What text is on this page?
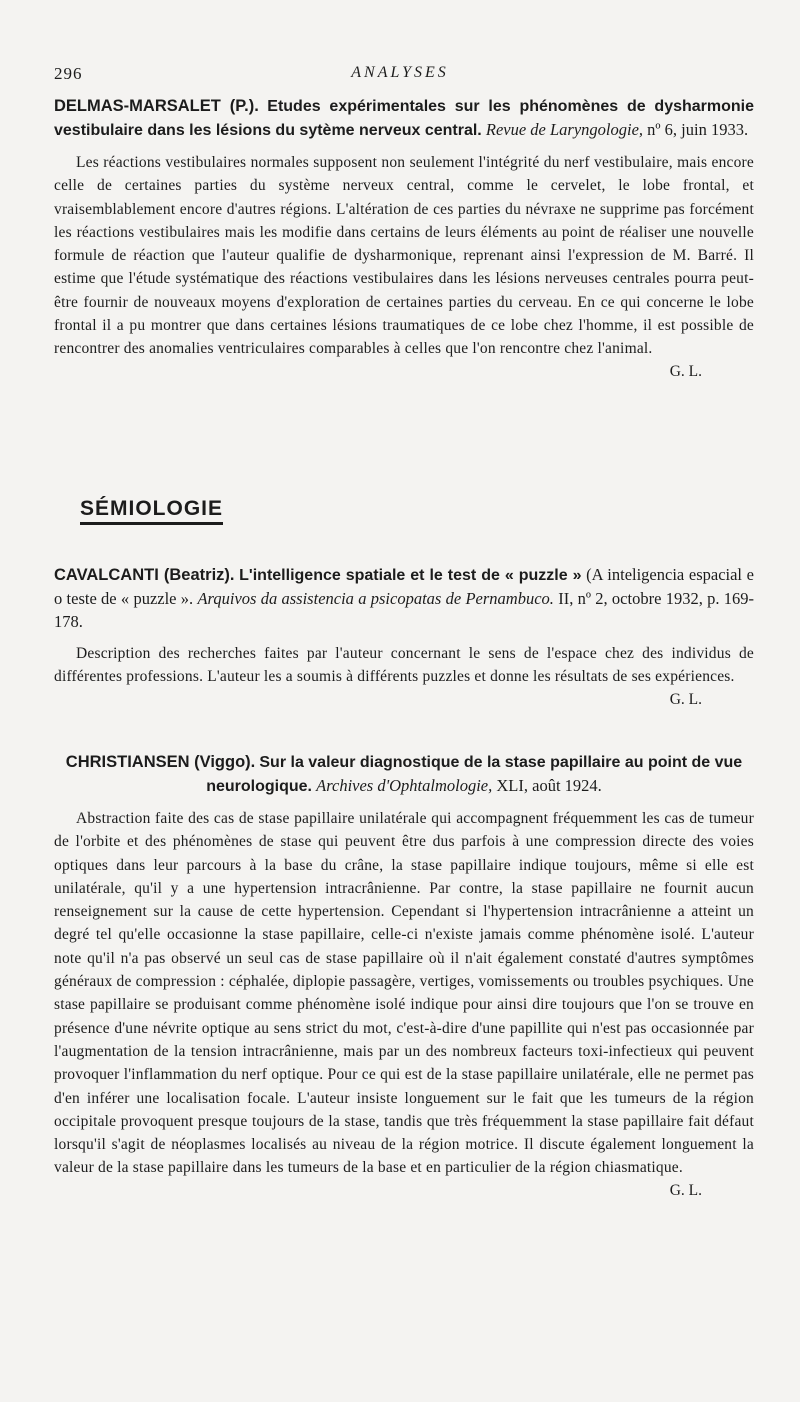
296	ANALYSES
DELMAS-MARSALET (P.). Etudes expérimentales sur les phénomènes de dysharmonie vestibulaire dans les lésions du sytème nerveux central. Revue de Laryngologie, nº 6, juin 1933.
Les réactions vestibulaires normales supposent non seulement l'intégrité du nerf vestibulaire, mais encore celle de certaines parties du système nerveux central, comme le cervelet, le lobe frontal, et vraisemblablement encore d'autres régions. L'altération de ces parties du névraxe ne supprime pas forcément les réactions vestibulaires mais les modifie dans certains de leurs éléments au point de réaliser une nouvelle formule de réaction que l'auteur qualifie de dysharmonique, reprenant ainsi l'expression de M. Barré. Il estime que l'étude systématique des réactions vestibulaires dans les lésions nerveuses centrales pourra peut-être fournir de nouveaux moyens d'exploration de certaines parties du cerveau. En ce qui concerne le lobe frontal il a pu montrer que dans certaines lésions traumatiques de ce lobe chez l'homme, il est possible de rencontrer des anomalies ventriculaires comparables à celles que l'on rencontre chez l'animal.
G. L.
SÉMIOLOGIE
CAVALCANTI (Beatriz). L'intelligence spatiale et le test de « puzzle » (A inteligencia espacial e o teste de « puzzle ». Arquivos da assistencia a psicopatas de Pernambuco. II, nº 2, octobre 1932, p. 169-178.
Description des recherches faites par l'auteur concernant le sens de l'espace chez des individus de différentes professions. L'auteur les a soumis à différents puzzles et donne les résultats de ses expériences.
G. L.
CHRISTIANSEN (Viggo). Sur la valeur diagnostique de la stase papillaire au point de vue neurologique. Archives d'Ophtalmologie, XLI, août 1924.
Abstraction faite des cas de stase papillaire unilatérale qui accompagnent fréquemment les cas de tumeur de l'orbite et des phénomènes de stase qui peuvent être dus parfois à une compression directe des voies optiques dans leur parcours à la base du crâne, la stase papillaire indique toujours, même si elle est unilatérale, qu'il y a une hypertension intracrânienne. Par contre, la stase papillaire ne fournit aucun renseignement sur la cause de cette hypertension. Cependant si l'hypertension intracrânienne a atteint un degré tel qu'elle occasionne la stase papillaire, celle-ci n'existe jamais comme phénomène isolé. L'auteur note qu'il n'a pas observé un seul cas de stase papillaire où il n'ait également constaté d'autres symptômes généraux de compression : céphalée, diplopie passagère, vertiges, vomissements ou troubles psychiques. Une stase papillaire se produisant comme phénomène isolé indique pour ainsi dire toujours que l'on se trouve en présence d'une névrite optique au sens strict du mot, c'est-à-dire d'une papillite qui n'est pas occasionnée par l'augmentation de la tension intracrânienne, mais par un des nombreux facteurs toxi-infectieux qui peuvent provoquer l'inflammation du nerf optique. Pour ce qui est de la stase papillaire unilatérale, elle ne permet pas d'en inférer une localisation focale. L'auteur insiste longuement sur le fait que les tumeurs de la région occipitale provoquent presque toujours de la stase, tandis que très fréquemment la stase papillaire fait défaut lorsqu'il s'agit de néoplasmes localisés au niveau de la région motrice. Il discute également longuement la valeur de la stase papillaire dans les tumeurs de la base et en particulier de la région chiasmatique.
G. L.
